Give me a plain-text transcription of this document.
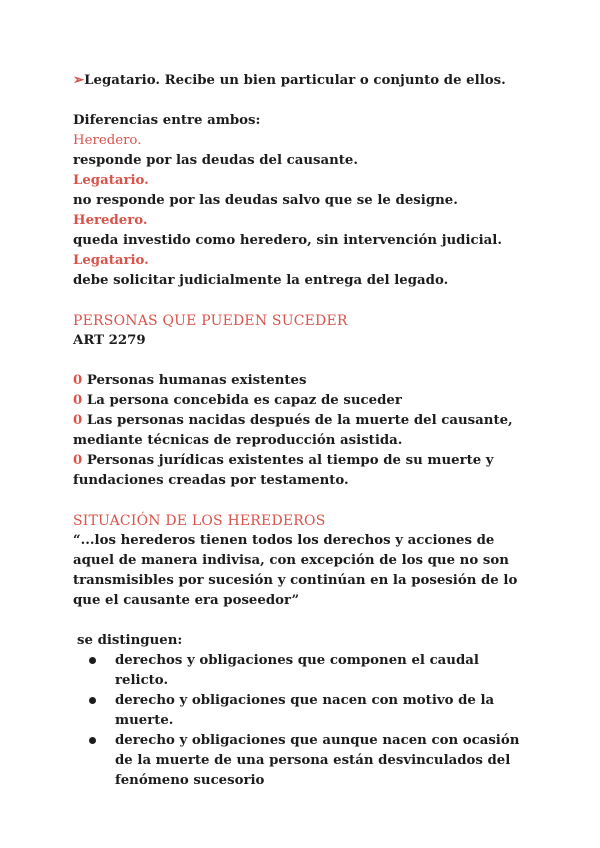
➢Legatario. Recibe un bien particular o conjunto de ellos.
Diferencias entre ambos:
Heredero.
responde por las deudas del causante.
Legatario.
no responde por las deudas salvo que se le designe.
Heredero.
queda investido como heredero, sin intervención judicial.
Legatario.
debe solicitar judicialmente la entrega del legado.
PERSONAS QUE PUEDEN SUCEDER
ART 2279
0 Personas humanas existentes
0 La persona concebida es capaz de suceder
0 Las personas nacidas después de la muerte del causante, mediante técnicas de reproducción asistida.
0 Personas jurídicas existentes al tiempo de su muerte y fundaciones creadas por testamento.
SITUACIÓN DE LOS HEREDEROS
“...los herederos tienen todos los derechos y acciones de aquel de manera indivisa, con excepción de los que no son transmisibles por sucesión y continúan en la posesión de lo que el causante era poseedor”
se distinguen:
derechos y obligaciones que componen el caudal relicto.
derecho y obligaciones que nacen con motivo de la muerte.
derecho y obligaciones que aunque nacen con ocasión de la muerte de una persona están desvinculados del fenómeno sucesorio
